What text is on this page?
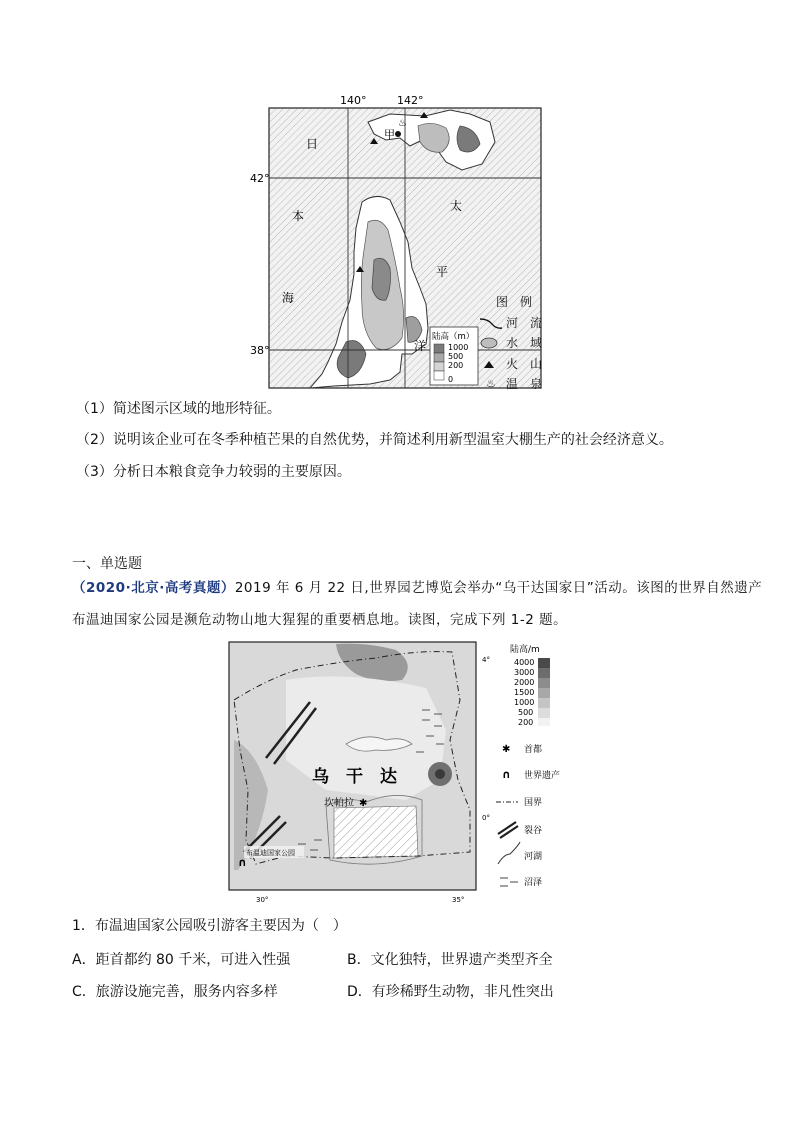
140°	142°
42°
38°
日
本
海
太
平
洋
甲
♨
陆高（m）
1000
500
200
0
图　例
河　流
水　域
火　山
♨ 温　泉
（1）简述图示区域的地形特征。
（2）说明该企业可在冬季种植芒果的自然优势，并简述利用新型温室大棚生产的社会经济意义。
（3）分析日本粮食竞争力较弱的主要原因。
一、单选题
（2020·北京·高考真题）2019 年 6 月 22 日,世界园艺博览会举办“乌干达国家日”活动。该图的世界自然遗产
布温迪国家公园是濒危动物山地大猩猩的重要栖息地。读图，完成下列 1-2 题。
乌　干　达
坎帕拉 ✱
布温迪国家公园
∩
4°
0°
30°	35°
陆高/m
4000
3000
2000
1500
1000
500
200
✱ 首都
∩ 世界遗产
国界
裂谷
河湖
沼泽
1．布温迪国家公园吸引游客主要因为（　）
A．距首都约 80 千米，可进入性强	B．文化独特，世界遗产类型齐全
C．旅游设施完善，服务内容多样	D．有珍稀野生动物，非凡性突出
